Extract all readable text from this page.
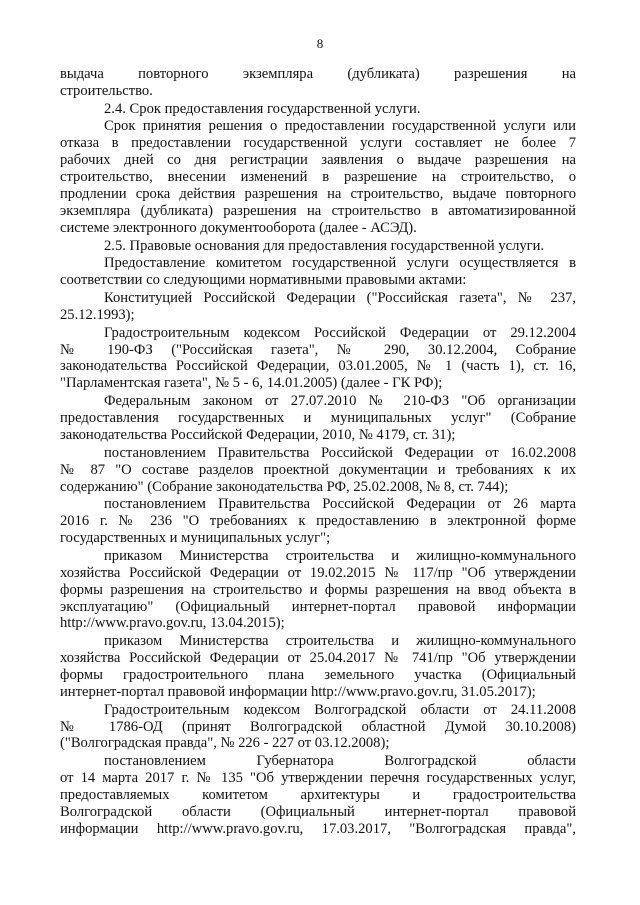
8
выдача повторного экземпляра (дубликата) разрешения на
строительство.
2.4. Срок предоставления государственной услуги.
Срок принятия решения о предоставлении государственной услуги или
отказа в предоставлении государственной услуги составляет не более 7
рабочих дней со дня регистрации заявления о выдаче разрешения на
строительство, внесении изменений в разрешение на строительство, о
продлении срока действия разрешения на строительство, выдаче повторного
экземпляра (дубликата) разрешения на строительство в автоматизированной
системе электронного документооборота (далее - АСЭД).
2.5. Правовые основания для предоставления государственной услуги.
Предоставление комитетом государственной услуги осуществляется в
соответствии со следующими нормативными правовыми актами:
Конституцией Российской Федерации ("Российская газета", № 237,
25.12.1993);
Градостроительным кодексом Российской Федерации от 29.12.2004
№ 190-ФЗ ("Российская газета", № 290, 30.12.2004, Собрание
законодательства Российской Федерации, 03.01.2005, № 1 (часть 1), ст. 16,
"Парламентская газета", № 5 - 6, 14.01.2005) (далее - ГК РФ);
Федеральным законом от 27.07.2010 № 210-ФЗ "Об организации
предоставления государственных и муниципальных услуг" (Собрание
законодательства Российской Федерации, 2010, № 4179, ст. 31);
постановлением Правительства Российской Федерации от 16.02.2008
№ 87 "О составе разделов проектной документации и требованиях к их
содержанию" (Собрание законодательства РФ, 25.02.2008, № 8, ст. 744);
постановлением Правительства Российской Федерации от 26 марта
2016 г. № 236 "О требованиях к предоставлению в электронной форме
государственных и муниципальных услуг";
приказом Министерства строительства и жилищно-коммунального
хозяйства Российской Федерации от 19.02.2015 № 117/пр "Об утверждении
формы разрешения на строительство и формы разрешения на ввод объекта в
эксплуатацию" (Официальный интернет-портал правовой информации
http://www.pravo.gov.ru, 13.04.2015);
приказом Министерства строительства и жилищно-коммунального
хозяйства Российской Федерации от 25.04.2017 № 741/пр "Об утверждении
формы градостроительного плана земельного участка (Официальный
интернет-портал правовой информации http://www.pravo.gov.ru, 31.05.2017);
Градостроительным кодексом Волгоградской области от 24.11.2008
№ 1786-ОД (принят Волгоградской областной Думой 30.10.2008)
("Волгоградская правда", № 226 - 227 от 03.12.2008);
постановлением Губернатора Волгоградской области
от 14 марта 2017 г. № 135 "Об утверждении перечня государственных услуг,
предоставляемых комитетом архитектуры и градостроительства
Волгоградской области (Официальный интернет-портал правовой
информации http://www.pravo.gov.ru, 17.03.2017, "Волгоградская правда",
